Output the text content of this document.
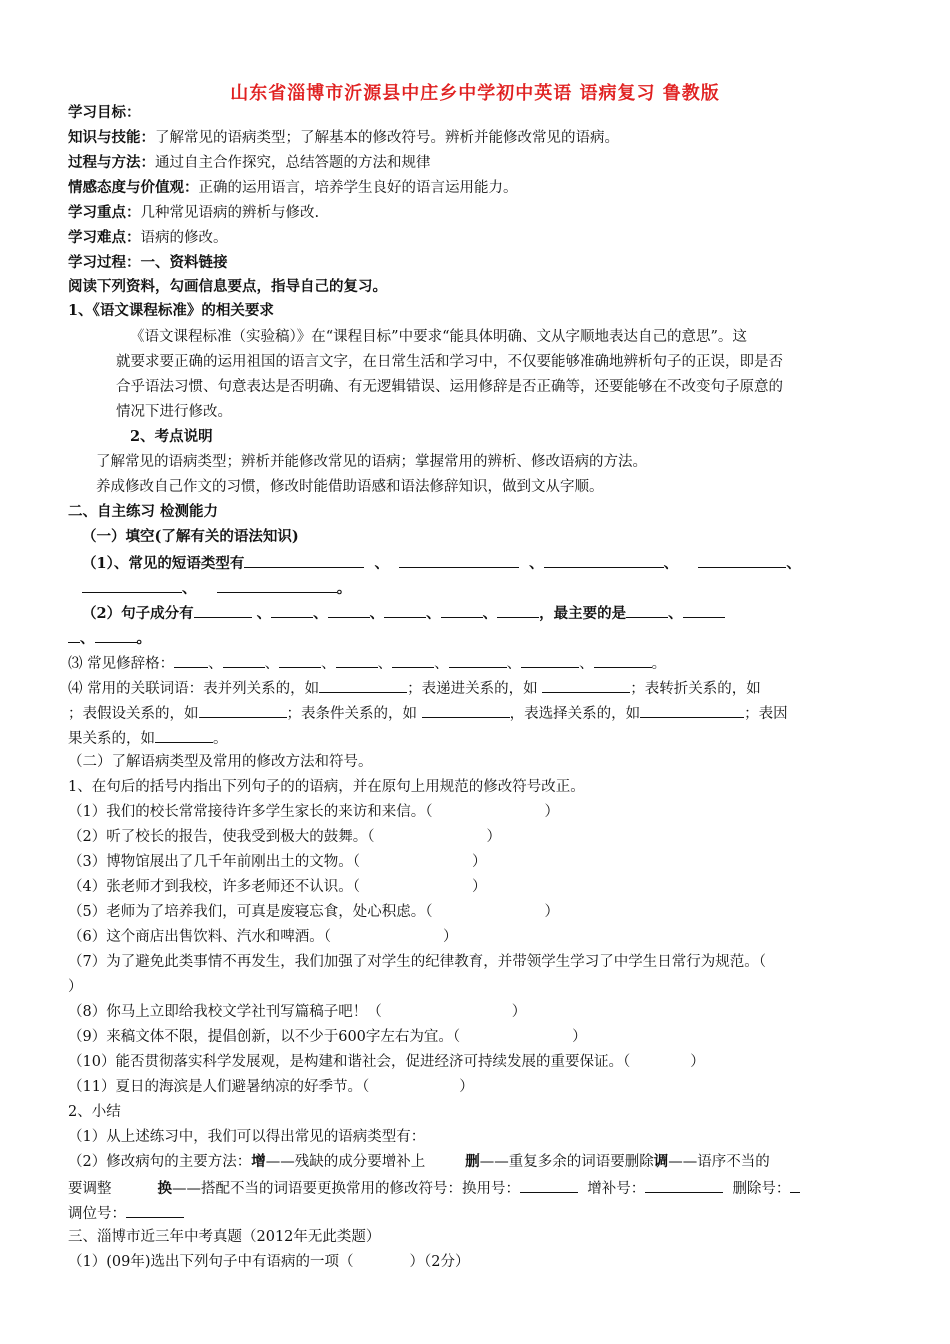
山东省淄博市沂源县中庄乡中学初中英语 语病复习 鲁教版
学习目标：
知识与技能：了解常见的语病类型；了解基本的修改符号。辨析并能修改常见的语病。
过程与方法：通过自主合作探究，总结答题的方法和规律
情感态度与价值观：正确的运用语言，培养学生良好的语言运用能力。
学习重点：几种常见语病的辨析与修改.
学习难点：语病的修改。
学习过程：一、资料链接
阅读下列资料，勾画信息要点，指导自己的复习。
1、《语文课程标准》的相关要求
《语文课程标准（实验稿）》在“课程目标”中要求“能具体明确、文从字顺地表达自己的意思”。这
就要求要正确的运用祖国的语言文字，在日常生活和学习中，不仅要能够准确地辨析句子的正误，即是否
合乎语法习惯、句意表达是否明确、有无逻辑错误、运用修辞是否正确等，还要能够在不改变句子原意的
情况下进行修改。
2、考点说明
了解常见的语病类型；辨析并能修改常见的语病；掌握常用的辨析、修改语病的方法。
养成修改自己作文的习惯，修改时能借助语感和语法修辞知识，做到文从字顺。
二、自主练习 检测能力
（一）填空(了解有关的语法知识)
（1）、常见的短语类型有	、	、	、	、
、	。
（2）句子成分有	、	、	、	、	、	，最主要的是	、
、	。
⑶ 常见修辞格： 、	、	、	、	、	、	、	。
⑷ 常用的关联词语：表并列关系的，如	；表递进关系的，如	；表转折关系的，如
；表假设关系的，如	；表条件关系的，如	，表选择关系的，如	；表因
果关系的，如	。
（二）了解语病类型及常用的修改方法和符号。
1、在句后的括号内指出下列句子的的语病，并在原句上用规范的修改符号改正。
（1）我们的校长常常接待许多学生家长的来访和来信。（	）
（2）听了校长的报告，使我受到极大的鼓舞。（	）
（3）博物馆展出了几千年前刚出土的文物。（	）
（4）张老师才到我校，许多老师还不认识。（	）
（5）老师为了培养我们，可真是废寝忘食，处心积虑。（	）
（6）这个商店出售饮料、汽水和啤酒。（	）
（7）为了避免此类事情不再发生，我们加强了对学生的纪律教育，并带领学生学习了中学生日常行为规范。（
）
（8）你马上立即给我校文学社刊写篇稿子吧！（	）
（9）来稿文体不限，提倡创新，以不少于600字左右为宜。（	）
（10）能否贯彻落实科学发展观，是构建和谐社会，促进经济可持续发展的重要保证。（	）
（11）夏日的海滨是人们避暑纳凉的好季节。（	）
2、小结
（1）从上述练习中，我们可以得出常见的语病类型有：
（2）修改病句的主要方法：增——残缺的成分要增补上	删——重复多余的词语要删除调——语序不当的
要调整	换——搭配不当的词语要更换常用的修改符号：换用号：	增补号：	删除号：
调位号：
三、淄博市近三年中考真题（2012年无此类题）
（1）(09年)选出下列句子中有语病的一项（	）（2分）
